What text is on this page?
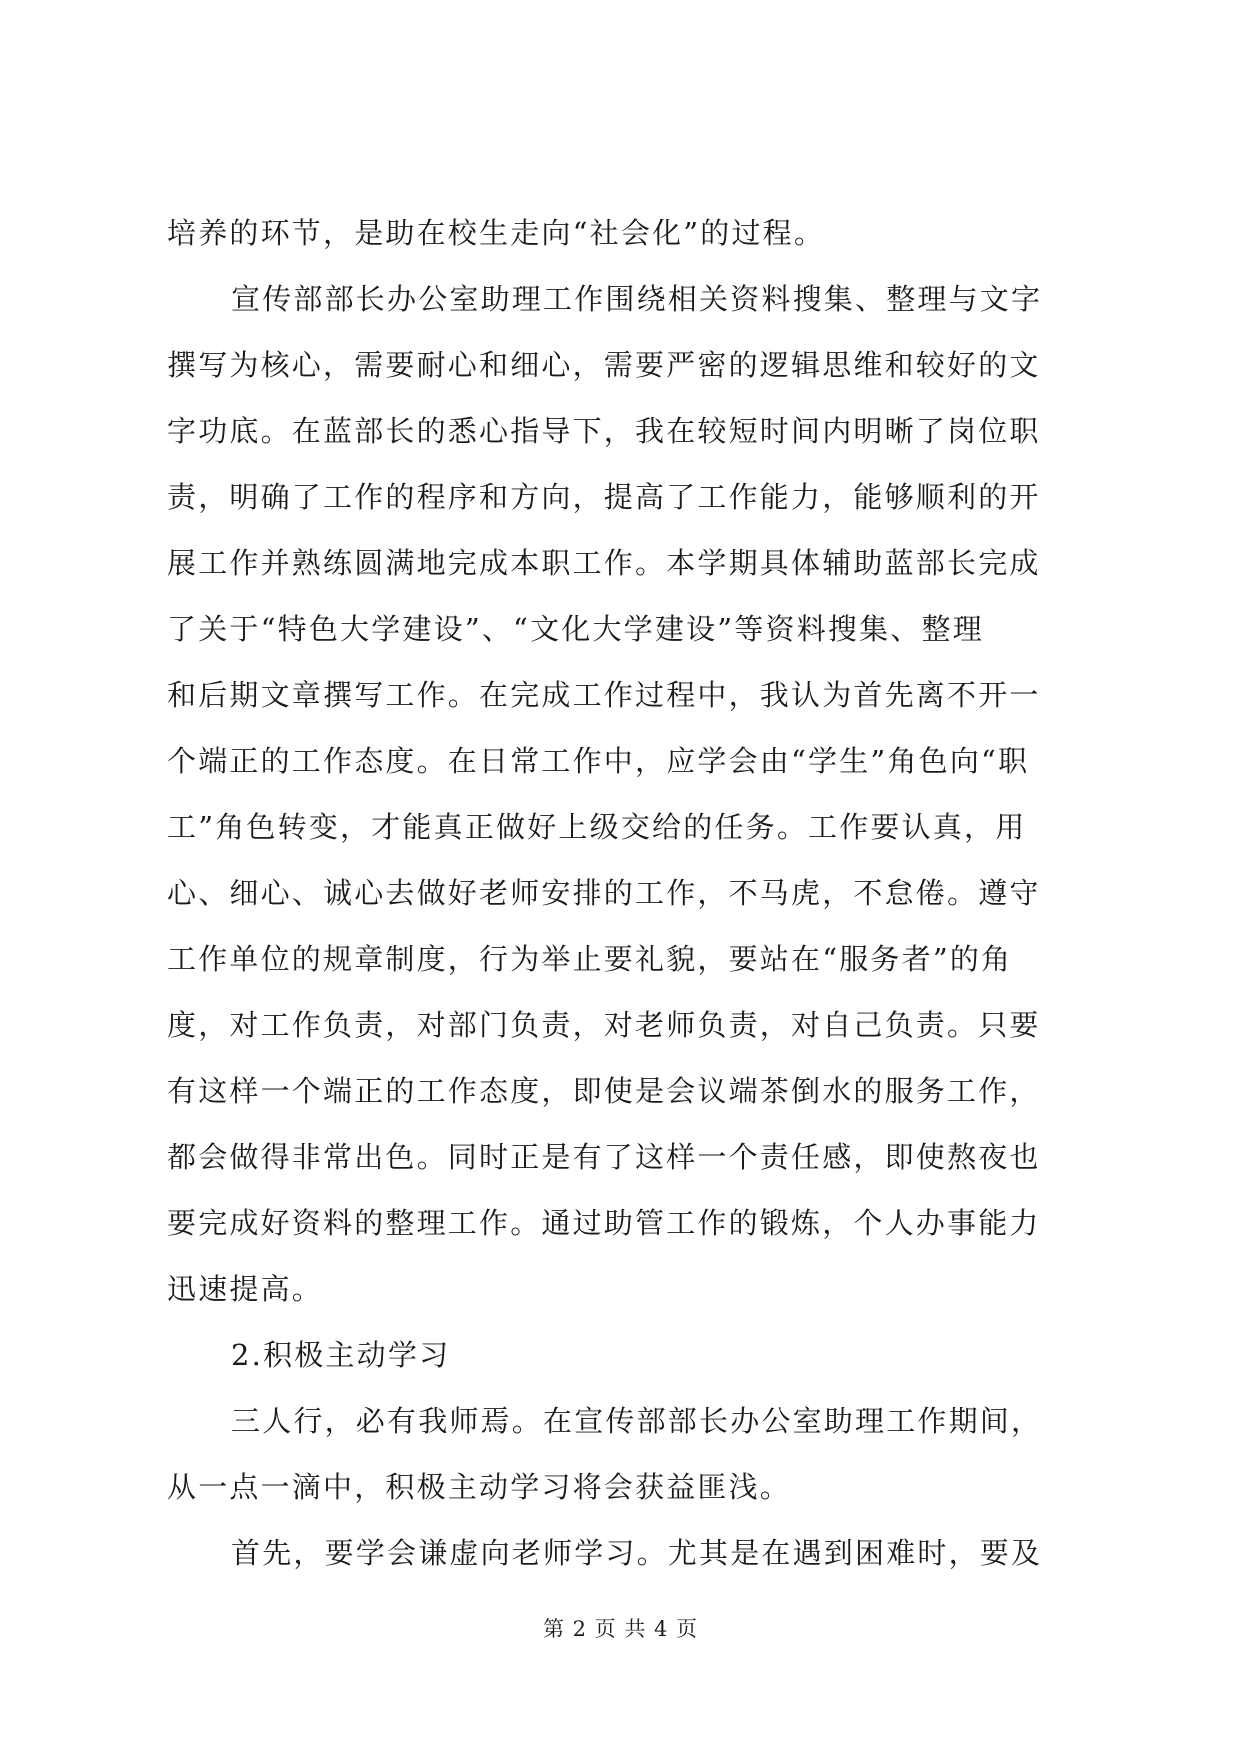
培养的环节，是助在校生走向“社会化”的过程。
宣传部部长办公室助理工作围绕相关资料搜集、整理与文字
撰写为核心，需要耐心和细心，需要严密的逻辑思维和较好的文
字功底。在蓝部长的悉心指导下，我在较短时间内明晰了岗位职
责，明确了工作的程序和方向，提高了工作能力，能够顺利的开
展工作并熟练圆满地完成本职工作。本学期具体辅助蓝部长完成
了关于“特色大学建设”、“文化大学建设”等资料搜集、整理
和后期文章撰写工作。在完成工作过程中，我认为首先离不开一
个端正的工作态度。在日常工作中，应学会由“学生”角色向“职
工”角色转变，才能真正做好上级交给的任务。工作要认真，用
心、细心、诚心去做好老师安排的工作，不马虎，不怠倦。遵守
工作单位的规章制度，行为举止要礼貌，要站在“服务者”的角
度，对工作负责，对部门负责，对老师负责，对自己负责。只要
有这样一个端正的工作态度，即使是会议端茶倒水的服务工作，
都会做得非常出色。同时正是有了这样一个责任感，即使熬夜也
要完成好资料的整理工作。通过助管工作的锻炼，个人办事能力
迅速提高。
2.积极主动学习
三人行，必有我师焉。在宣传部部长办公室助理工作期间，
从一点一滴中，积极主动学习将会获益匪浅。
首先，要学会谦虚向老师学习。尤其是在遇到困难时，要及
第 2 页 共 4 页
